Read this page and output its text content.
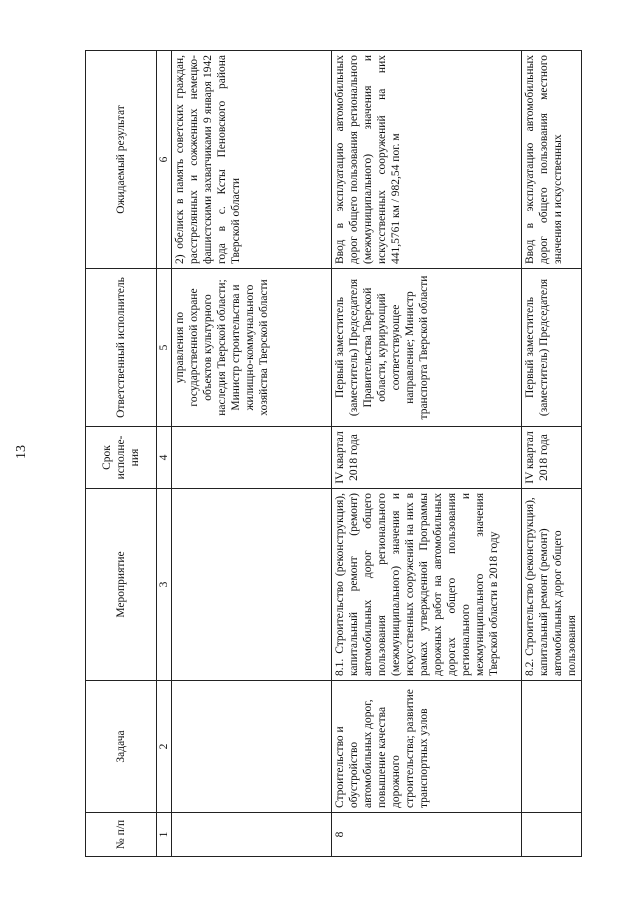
13
№ п/п	Задача	Мероприятие	Срок исполне-ния	Ответственный исполнитель	Ожидаемый результат
1	2	3	4	5	6
				управления по государственной охране объектов культурного наследия Тверской области; Министр строительства и жилищно-коммунального хозяйства Тверской области	2) обелиск в память советских граждан, расстрелянных и сожженных немецко-фашистскими захватчиками 9 января 1942 года в с. Ксты Пеновского района Тверской области
8	Строительство и обустройство автомобильных дорог, повышение качества дорожного строительства; развитие транспортных узлов	8.1. Строительство (реконструкция), капитальный ремонт (ремонт) автомобильных дорог общего пользования регионального (межмуниципального) значения и искусственных сооружений на них в рамках утвержденной Программы дорожных работ на автомобильных дорогах общего пользования регионального и межмуниципального значения Тверской области в 2018 году	IV квартал 2018 года	Первый заместитель (заместитель) Председателя Правительства Тверской области, курирующий соответствующее направление; Министр транспорта Тверской области	Ввод в эксплуатацию автомобильных дорог общего пользования регионального (межмуниципального) значения и искусственных сооружений на них 441,5761 км / 982,54 пог. м
		8.2. Строительство (реконструкция), капитальный ремонт (ремонт) автомобильных дорог общего пользования	IV квартал 2018 года	Первый заместитель (заместитель) Председателя	Ввод в эксплуатацию автомобильных дорог общего пользования местного значения и искусственных
